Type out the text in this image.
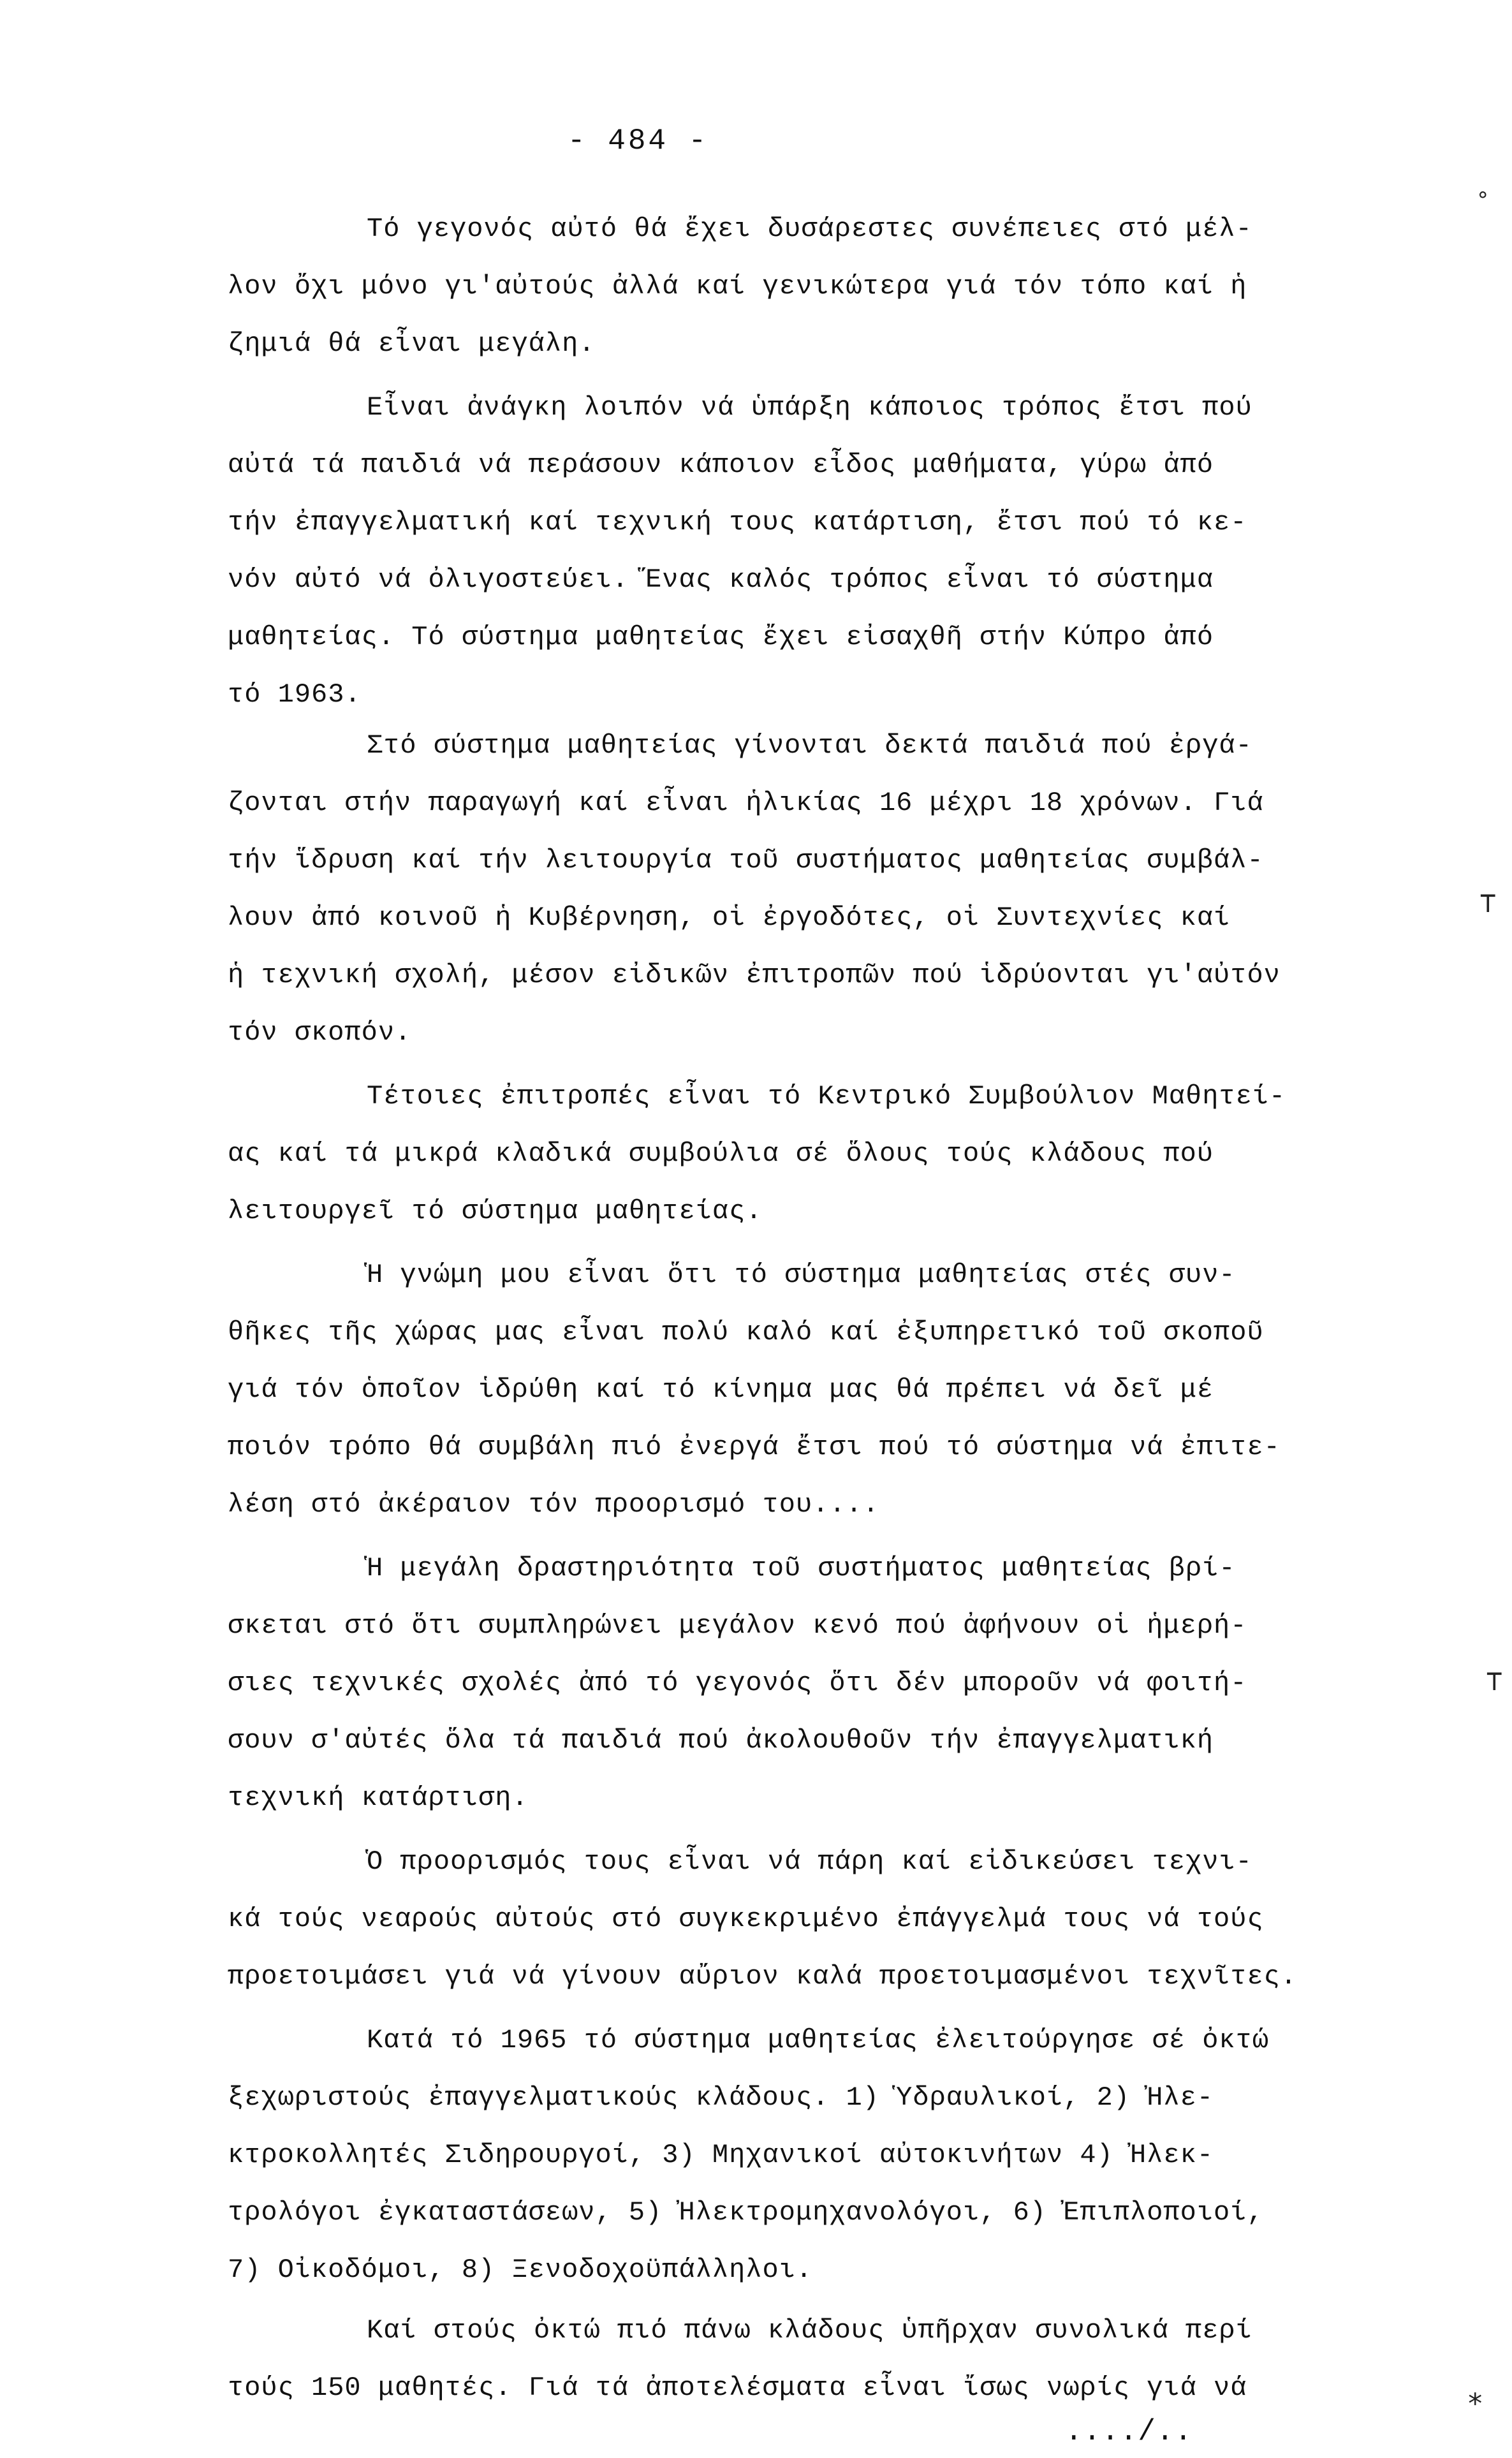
- 484 -
Τό γεγονός αὐτό θά ἔχει δυσάρεστες συνέπειες στό μέλ-
λον ὄχι μόνο γι'αὐτούς ἀλλά καί γενικώτερα γιά τόν τόπο καί ἡ
ζημιά θά εἶναι μεγάλη.
Εἶναι ἀνάγκη λοιπόν νά ὑπάρξη κάποιος τρόπος ἔτσι πού
αὐτά τά παιδιά νά περάσουν κάποιον εἶδος μαθήματα, γύρω ἀπό
τήν ἐπαγγελματική καί τεχνική τους κατάρτιση, ἔτσι πού τό κε-
νόν αὐτό νά ὀλιγοστεύει. Ἕνας καλός τρόπος εἶναι τό σύστημα
μαθητείας. Τό σύστημα μαθητείας ἔχει εἰσαχθῆ στήν Κύπρο ἀπό
τό 1963.
Στό σύστημα μαθητείας γίνονται δεκτά παιδιά πού ἐργά-
ζονται στήν παραγωγή καί εἶναι ἡλικίας 16 μέχρι 18 χρόνων. Γιά
τήν ἵδρυση καί τήν λειτουργία τοῦ συστήματος μαθητείας συμβάλ-
λουν ἀπό κοινοῦ ἡ Κυβέρνηση, οἱ ἐργοδότες, οἱ Συντεχνίες καί
ἡ τεχνική σχολή, μέσον εἰδικῶν ἐπιτροπῶν πού ἱδρύονται γι'αὐτόν
τόν σκοπόν.
Τέτοιες ἐπιτροπές εἶναι τό Κεντρικό Συμβούλιον Μαθητεί-
ας καί τά μικρά κλαδικά συμβούλια σέ ὅλους τούς κλάδους πού
λειτουργεῖ τό σύστημα μαθητείας.
Ἡ γνώμη μου εἶναι ὅτι τό σύστημα μαθητείας στές συν-
θῆκες τῆς χώρας μας εἶναι πολύ καλό καί ἐξυπηρετικό τοῦ σκοποῦ
γιά τόν ὁποῖον ἱδρύθη καί τό κίνημα μας θά πρέπει νά δεῖ μέ
ποιόν τρόπο θά συμβάλη πιό ἐνεργά ἔτσι πού τό σύστημα νά ἐπιτε-
λέση στό ἀκέραιον τόν προορισμό του....
Ἡ μεγάλη δραστηριότητα τοῦ συστήματος μαθητείας βρί-
σκεται στό ὅτι συμπληρώνει μεγάλον κενό πού ἀφήνουν οἱ ἡμερή-
σιες τεχνικές σχολές ἀπό τό γεγονός ὅτι δέν μποροῦν νά φοιτή-
σουν σ'αὐτές ὅλα τά παιδιά πού ἀκολουθοῦν τήν ἐπαγγελματική
τεχνική κατάρτιση.
Ὁ προορισμός τους εἶναι νά πάρη καί εἰδικεύσει τεχνι-
κά τούς νεαρούς αὐτούς στό συγκεκριμένο ἐπάγγελμά τους νά τούς
προετοιμάσει γιά νά γίνουν αὔριον καλά προετοιμασμένοι τεχνῖτες.
Κατά τό 1965 τό σύστημα μαθητείας ἐλειτούργησε σέ ὀκτώ
ξεχωριστούς ἐπαγγελματικούς κλάδους. 1) Ὑδραυλικοί, 2) Ἠλε-
κτροκολλητές Σιδηρουργοί, 3) Μηχανικοί αὐτοκινήτων 4) Ἠλεκ-
τρολόγοι ἐγκαταστάσεων, 5) Ἠλεκτρομηχανολόγοι, 6) Ἐπιπλοποιοί,
7) Οἰκοδόμοι, 8) Ξενοδοχοϋπάλληλοι.
Καί στούς ὀκτώ πιό πάνω κλάδους ὑπῆρχαν συνολικά περί
τούς 150 μαθητές. Γιά τά ἀποτελέσματα εἶναι ἴσως νωρίς γιά νά
..../..
∘
⊤
⊤
∗
